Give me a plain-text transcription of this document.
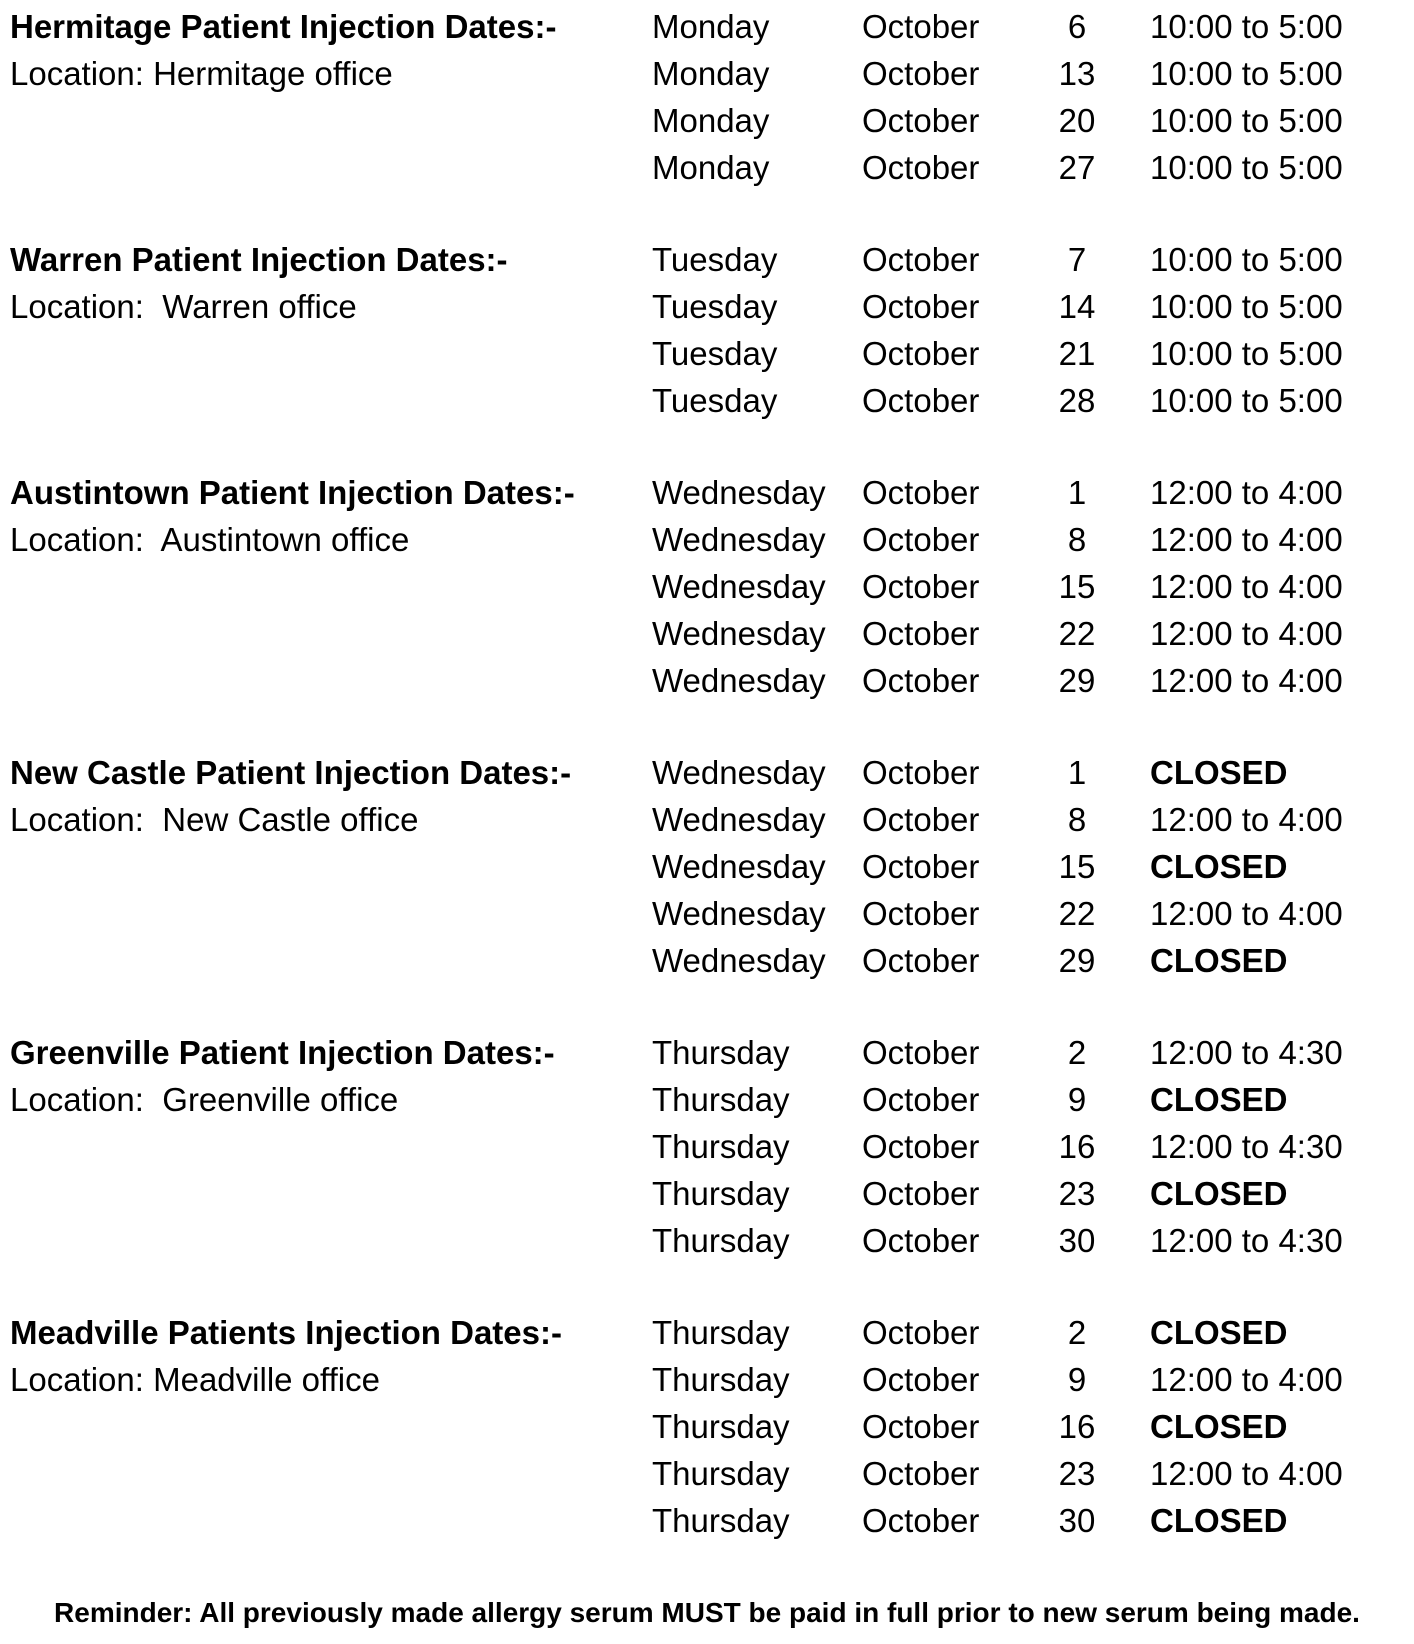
Hermitage Patient Injection Dates:-
Location: Hermitage office
Monday	October	6	10:00 to 5:00
Monday	October	13	10:00 to 5:00
Monday	October	20	10:00 to 5:00
Monday	October	27	10:00 to 5:00
Warren Patient Injection Dates:-
Location:  Warren office
Tuesday	October	7	10:00 to 5:00
Tuesday	October	14	10:00 to 5:00
Tuesday	October	21	10:00 to 5:00
Tuesday	October	28	10:00 to 5:00
Austintown Patient Injection Dates:-
Location:  Austintown office
Wednesday October	1	12:00 to 4:00
Wednesday October	8	12:00 to 4:00
Wednesday October	15	12:00 to 4:00
Wednesday October	22	12:00 to 4:00
Wednesday October	29	12:00 to 4:00
New Castle Patient Injection Dates:-
Location:  New Castle office
Wednesday October	1	CLOSED
Wednesday October	8	12:00 to 4:00
Wednesday October	15	CLOSED
Wednesday October	22	12:00 to 4:00
Wednesday October	29	CLOSED
Greenville Patient Injection Dates:-
Location:  Greenville office
Thursday October	2	12:00 to 4:30
Thursday October	9	CLOSED
Thursday October	16	12:00 to 4:30
Thursday October	23	CLOSED
Thursday October	30	12:00 to 4:30
Meadville Patients Injection Dates:-
Location: Meadville office
Thursday October	2	CLOSED
Thursday October	9	12:00 to 4:00
Thursday October	16	CLOSED
Thursday October	23	12:00 to 4:00
Thursday October	30	CLOSED
Reminder: All previously made allergy serum MUST be paid in full prior to new serum being made.
